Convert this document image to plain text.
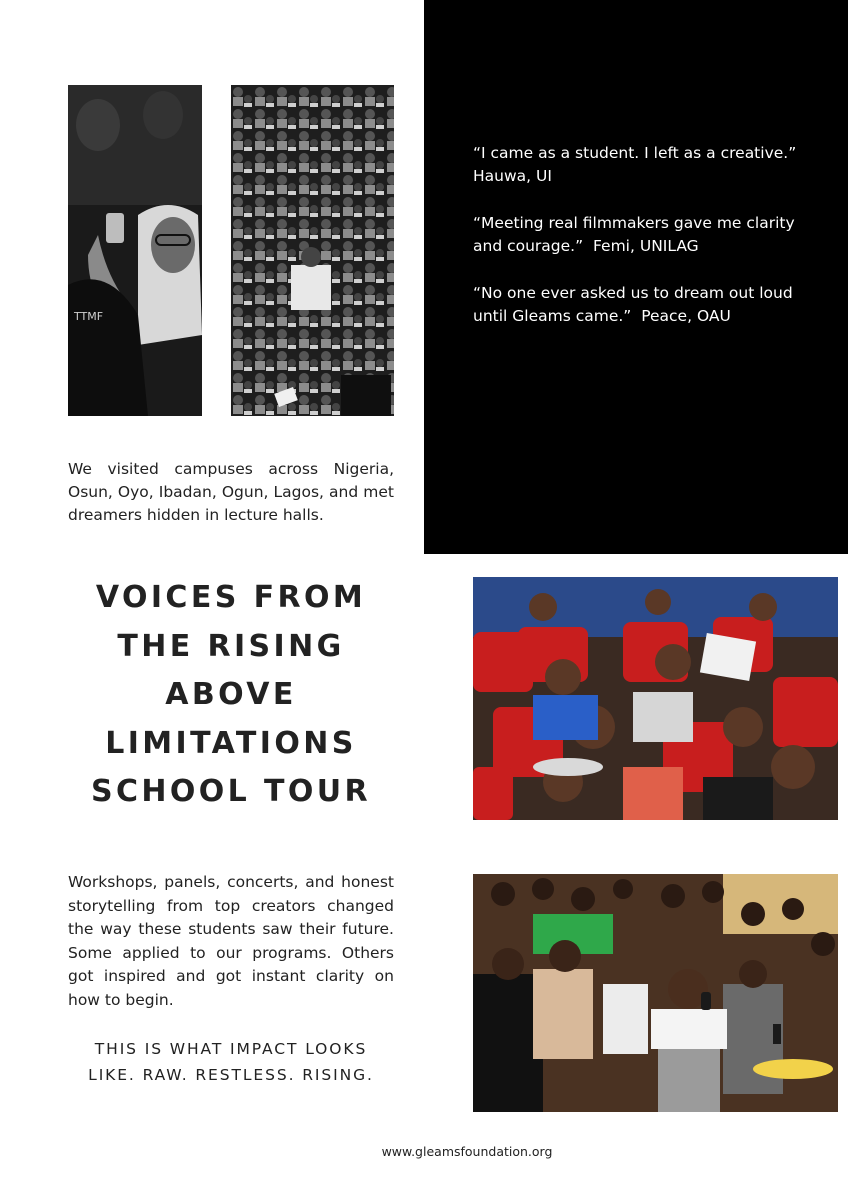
“I came as a student. I left as a creative.”
Hauwa, UI

“Meeting real filmmakers gave me clarity and courage.” Femi, UNILAG

“No one ever asked us to dream out loud until Gleams came.” Peace, OAU

TTMF
We visited campuses across Nigeria, Osun, Oyo, Ibadan, Ogun, Lagos, and met dreamers hidden in lecture halls.
VOICES FROM
THE RISING
ABOVE
LIMITATIONS
SCHOOL TOUR
Workshops, panels, concerts, and honest storytelling from top creators changed the way these students saw their future. Some applied to our programs. Others got inspired and got instant clarity on how to begin.
THIS IS WHAT IMPACT LOOKS
LIKE. RAW. RESTLESS. RISING.
www.gleamsfoundation.org
